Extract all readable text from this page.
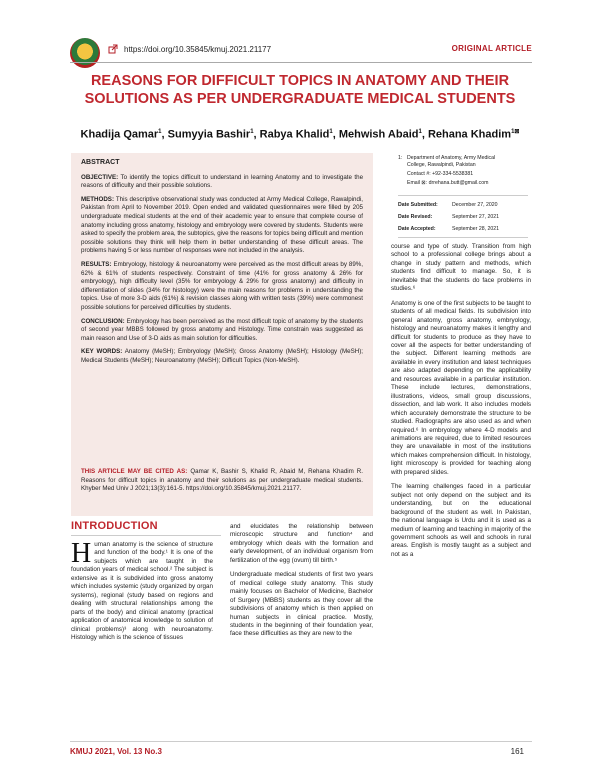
https://doi.org/10.35845/kmuj.2021.21177	ORIGINAL ARTICLE
REASONS FOR DIFFICULT TOPICS IN ANATOMY AND THEIR SOLUTIONS AS PER UNDERGRADUATE MEDICAL STUDENTS
Khadija Qamar$^1$, Sumyyia Bashir$^1$, Rabya Khalid$^1$, Mehwish Abaid$^1$, Rehana Khadim$^{1⊠}$
ABSTRACT

OBJECTIVE: To identify the topics difficult to understand in learning Anatomy and to investigate the reasons of difficulty and their possible solutions.

METHODS: This descriptive observational study was conducted at Army Medical College, Rawalpindi, Pakistan from April to November 2019. Open ended and validated questionnaires were filled by 205 undergraduate medical students at the end of their academic year to ensure that complete course of anatomy including gross anatomy, histology and embryology were covered by students. Students were asked to specify the problem area, the subtopics, give the reasons for topics being difficult and mention possible solutions they think will help them in better understanding of these difficult areas. The problems having 5 or less number of responses were not included in the analysis.

RESULTS: Embryology, histology & neuroanatomy were perceived as the most difficult areas by 89%, 62% & 61% of students respectively. Constraint of time (41% for gross anatomy & 26% for embryology), high difficulty level (35% for embryology & 29% for gross anatomy) and difficulty in differentiation of slides (34% for histology) were the main reasons for problems in understanding the topics. Use of more 3-D aids (61%) & revision classes along with written tests (39%) were commonest possible solutions for perceived difficulties by students.

CONCLUSION: Embryology has been perceived as the most difficult topic of anatomy by the students of second year MBBS followed by gross anatomy and Histology. Time constrain was suggested as main reason and Use of 3-D aids as main solution for difficulties.

KEY WORDS: Anatomy (MeSH); Embryology (MeSH); Gross Anatomy (MeSH); Histology (MeSH); Medical Students (MeSH); Neuroanatomy (MeSH); Difficult Topics (Non-MeSH).

THIS ARTICLE MAY BE CITED AS: Qamar K, Bashir S, Khalid R, Abaid M, Rehana Khadim R. Reasons for difficult topics in anatomy and their solutions as per undergraduate medical students. Khyber Med Univ J 2021;13(3):161-5. https://doi.org/10.35845/kmuj.2021.21177.
1: Department of Anatomy, Army Medical
College, Rawalpindi, Pakistan
Contact #: +92-334-5538381
Email ⊠: drrehana.butt@gmail.com
Date Submitted:	December 27, 2020
Date Revised:	September 27, 2021
Date Accepted:	September 28, 2021

course and type of study. Transition from high school to a professional college brings about a change in study pattern and methods, which students find difficult to manage. So, it is inevitable that the students do face problems in studies.⁶

Anatomy is one of the first subjects to be taught to students of all medical fields. Its subdivision into general anatomy, gross anatomy, embryology, histology and neuroanatomy makes it lengthy and difficult for students to produce as they have to cover all the aspects for better understanding of the subject. Different learning methods are available in every institution and latest techniques are also adapted depending on the applicability and resources available in a particular institution. These include lectures, demonstrations, illustrations, videos, small group discussions, dissection, and lab work. It also includes models which accurately demonstrate the structure to be studied. Radiographs are also used as and when required.⁶ In embryology where 4-D models and animations are required, due to limited resources they are unavailable in most of the institutions which makes comprehension difficult. In histology, light microscopy is provided for teaching along with prepared slides.

The learning challenges faced in a particular subject not only depend on the subject and its understanding, but on the educational background of the student as well. In Pakistan, the national language is Urdu and it is used as a medium of learning and teaching in majority of the government schools as well and schools in rural areas. English is mostly taught as a subject and not as a

INTRODUCTION

Human anatomy is the science of structure and function of the body.¹ It is one of the subjects which are taught in the foundation years of medical school.² The subject is extensive as it is subdivided into gross anatomy which includes systemic (study organized by organ systems), regional (study based on regions and dealing with structural relationships among the parts of the body) and clinical anatomy (practical application of anatomical knowledge to solution of clinical problems)³ along with neuroanatomy. Histology which is the science of tissues

and elucidates the relationship between microscopic structure and function⁴ and embryology which deals with the formation and early development, of an individual organism from fertilization of the egg (ovum) till birth.⁵

Undergraduate medical students of first two years of medical college study anatomy. This study mainly focuses on Bachelor of Medicine, Bachelor of Surgery (MBBS) students as they cover all the subdivisions of anatomy which is then applied on human subjects in clinical practice. Mostly, students in the beginning of their foundation year, face these difficulties as they are new to the

KMUJ 2021, Vol. 13 No.3	161
